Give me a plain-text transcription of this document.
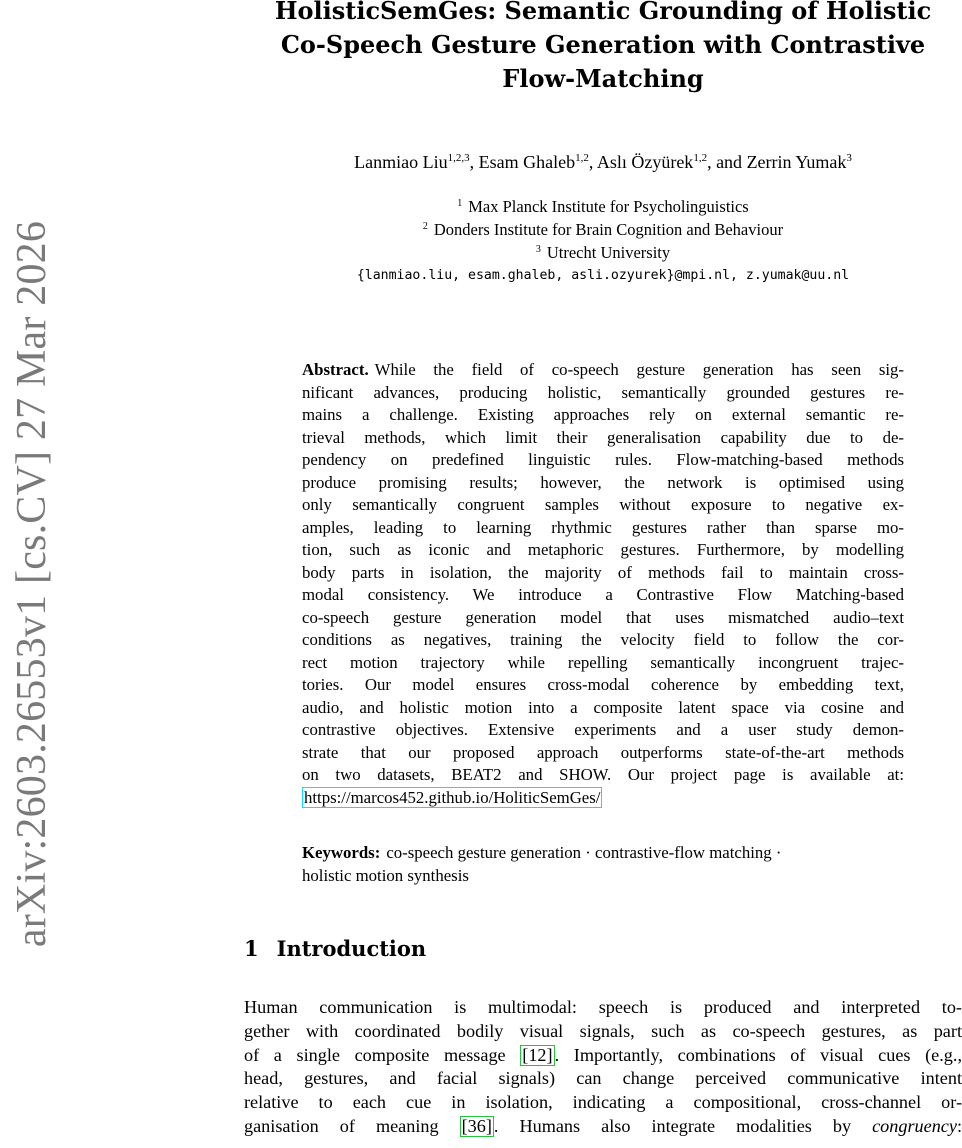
arXiv:2603.26553v1 [cs.CV] 27 Mar 2026
HolisticSemGes: Semantic Grounding of Holistic
Co-Speech Gesture Generation with Contrastive
Flow-Matching
Lanmiao Liu$^{1,2,3}$, Esam Ghaleb$^{1,2}$, Aslı Özyürek$^{1,2}$, and Zerrin Yumak$^3$
$^1$ Max Planck Institute for Psycholinguistics
$^2$ Donders Institute for Brain Cognition and Behaviour
$^3$ Utrecht University
{lanmiao.liu, esam.ghaleb, asli.ozyurek}@mpi.nl, z.yumak@uu.nl
Abstract. While the field of co-speech gesture generation has seen sig-
nificant advances, producing holistic, semantically grounded gestures re-
mains a challenge. Existing approaches rely on external semantic re-
trieval methods, which limit their generalisation capability due to de-
pendency on predefined linguistic rules. Flow-matching-based methods
produce promising results; however, the network is optimised using
only semantically congruent samples without exposure to negative ex-
amples, leading to learning rhythmic gestures rather than sparse mo-
tion, such as iconic and metaphoric gestures. Furthermore, by modelling
body parts in isolation, the majority of methods fail to maintain cross-
modal consistency. We introduce a Contrastive Flow Matching-based
co-speech gesture generation model that uses mismatched audio–text
conditions as negatives, training the velocity field to follow the cor-
rect motion trajectory while repelling semantically incongruent trajec-
tories. Our model ensures cross-modal coherence by embedding text,
audio, and holistic motion into a composite latent space via cosine and
contrastive objectives. Extensive experiments and a user study demon-
strate that our proposed approach outperforms state-of-the-art methods
on two datasets, BEAT2 and SHOW. Our project page is available at:
https://marcos452.github.io/HoliticSemGes/
Keywords: co-speech gesture generation · contrastive-flow matching ·
holistic motion synthesis
1 Introduction
Human communication is multimodal: speech is produced and interpreted to-
gether with coordinated bodily visual signals, such as co-speech gestures, as part
of a single composite message [12] . Importantly, combinations of visual cues (e.g.,
head, gestures, and facial signals) can change perceived communicative intent
relative to each cue in isolation, indicating a compositional, cross-channel or-
ganisation of meaning [36] . Humans also integrate modalities by congruency:
